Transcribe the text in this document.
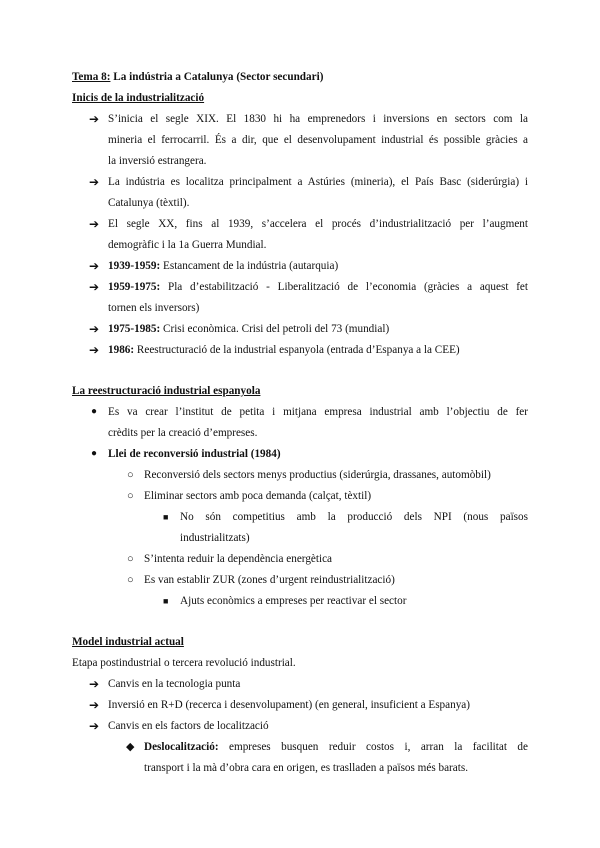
Tema 8: La indústria a Catalunya (Sector secundari)
Inicis de la industrialització
➔ S’inicia el segle XIX. El 1830 hi ha emprenedors i inversions en sectors com la
mineria el ferrocarril. És a dir, que el desenvolupament industrial és possible gràcies a
la inversió estrangera.
➔ La indústria es localitza principalment a Astúries (mineria), el País Basc (siderúrgia) i
Catalunya (tèxtil).
➔ El segle XX, fins al 1939, s’accelera el procés d’industrialització per l’augment
demogràfic i la 1a Guerra Mundial.
➔ 1939-1959: Estancament de la indústria (autarquia)
➔ 1959-1975: Pla d’estabilització - Liberalització de l’economia (gràcies a aquest fet
tornen els inversors)
➔ 1975-1985: Crisi econòmica. Crisi del petroli del 73 (mundial)
➔ 1986: Reestructuració de la industrial espanyola (entrada d’Espanya a la CEE)
La reestructuració industrial espanyola
● Es va crear l’institut de petita i mitjana empresa industrial amb l’objectiu de fer
crèdits per la creació d’empreses.
● Llei de reconversió industrial (1984)
○ Reconversió dels sectors menys productius (siderúrgia, drassanes, automòbil)
○ Eliminar sectors amb poca demanda (calçat, tèxtil)
■ No són competitius amb la producció dels NPI (nous països
industrialitzats)
○ S’intenta reduir la dependència energètica
○ Es van establir ZUR (zones d’urgent reindustrialització)
■ Ajuts econòmics a empreses per reactivar el sector
Model industrial actual
Etapa postindustrial o tercera revolució industrial.
➔ Canvis en la tecnologia punta
➔ Inversió en R+D (recerca i desenvolupament) (en general, insuficient a Espanya)
➔ Canvis en els factors de localització
◆ Deslocalització: empreses busquen reduir costos i, arran la facilitat de
transport i la mà d’obra cara en origen, es traslladen a països més barats.
